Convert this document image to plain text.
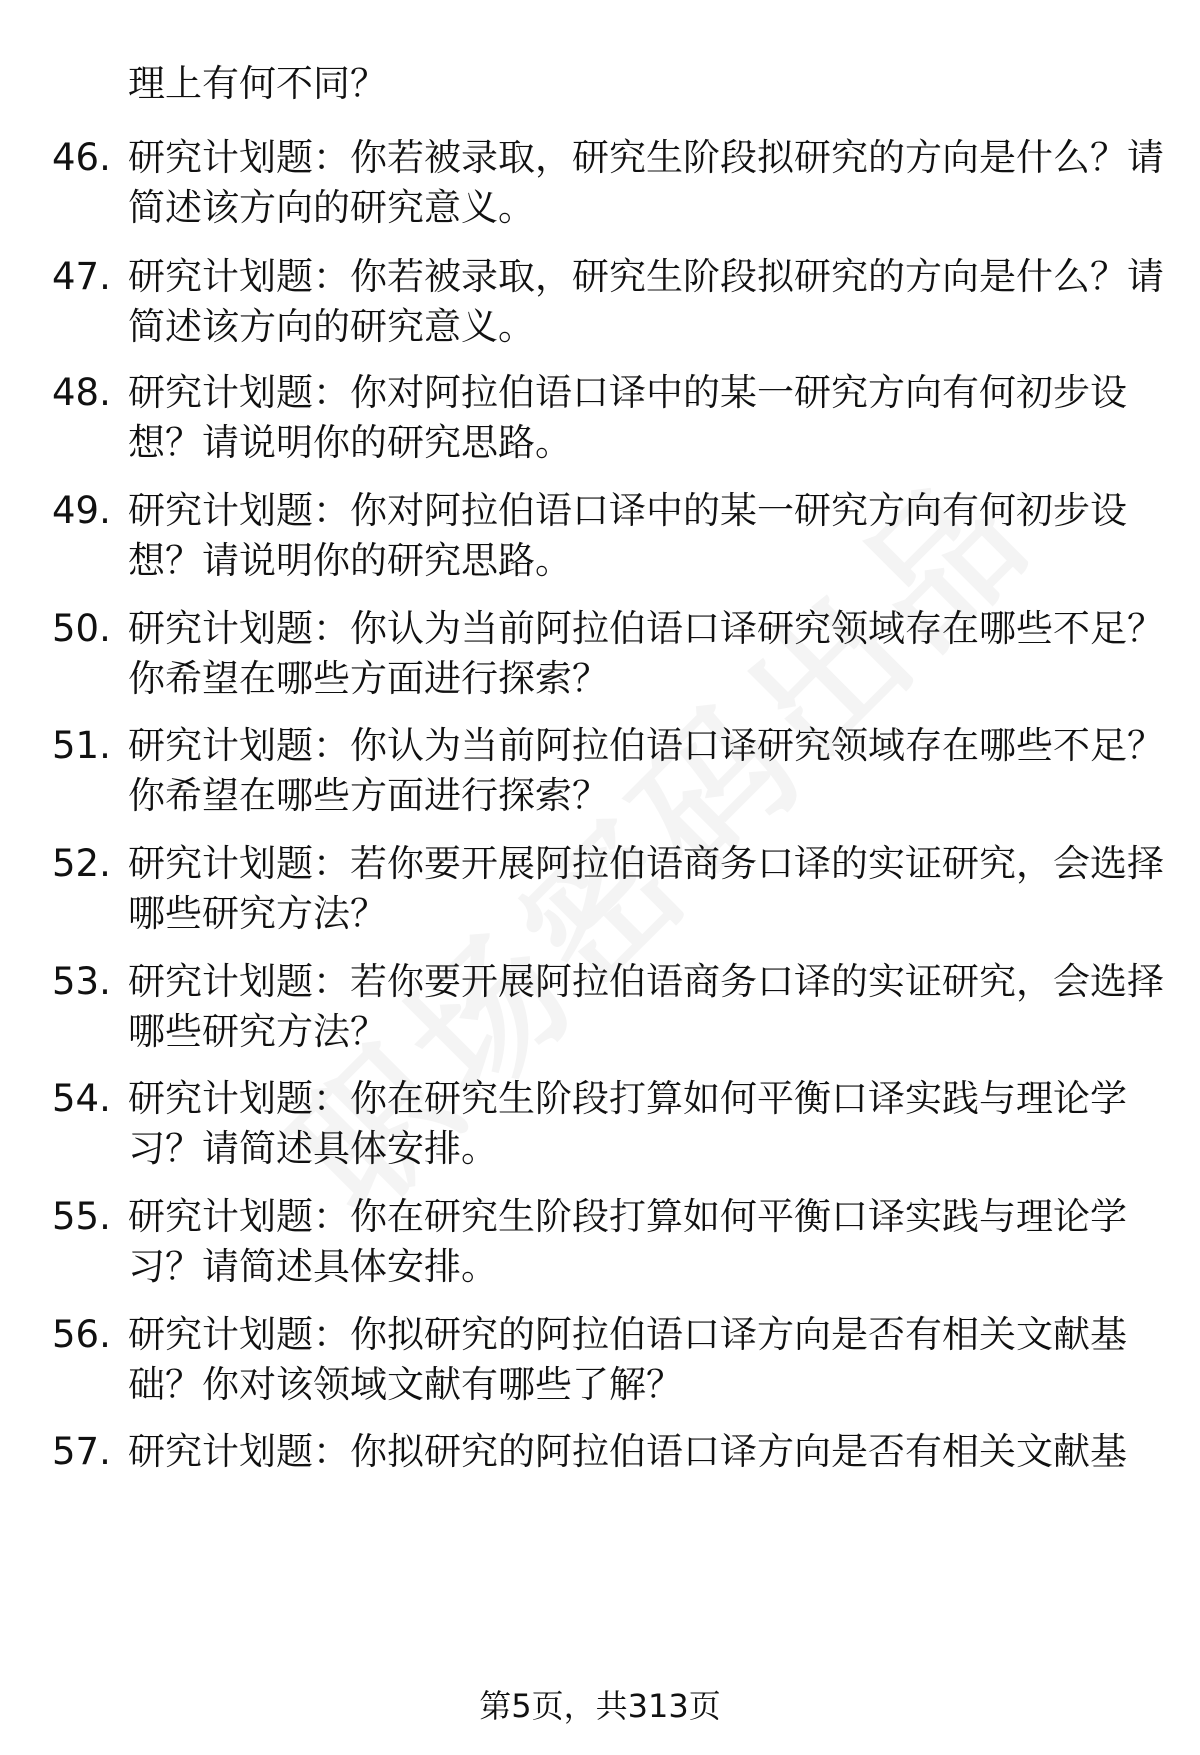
理上有何不同？
46. 研究计划题：你若被录取，研究生阶段拟研究的方向是什么？请
简述该方向的研究意义。
47. 研究计划题：你若被录取，研究生阶段拟研究的方向是什么？请
简述该方向的研究意义。
48. 研究计划题：你对阿拉伯语口译中的某一研究方向有何初步设
想？请说明你的研究思路。
49. 研究计划题：你对阿拉伯语口译中的某一研究方向有何初步设
想？请说明你的研究思路。
50. 研究计划题：你认为当前阿拉伯语口译研究领域存在哪些不足？
你希望在哪些方面进行探索？
51. 研究计划题：你认为当前阿拉伯语口译研究领域存在哪些不足？
你希望在哪些方面进行探索？
52. 研究计划题：若你要开展阿拉伯语商务口译的实证研究，会选择
哪些研究方法？
53. 研究计划题：若你要开展阿拉伯语商务口译的实证研究，会选择
哪些研究方法？
54. 研究计划题：你在研究生阶段打算如何平衡口译实践与理论学
习？请简述具体安排。
55. 研究计划题：你在研究生阶段打算如何平衡口译实践与理论学
习？请简述具体安排。
56. 研究计划题：你拟研究的阿拉伯语口译方向是否有相关文献基
础？你对该领域文献有哪些了解？
57. 研究计划题：你拟研究的阿拉伯语口译方向是否有相关文献基
第5页，共313页
